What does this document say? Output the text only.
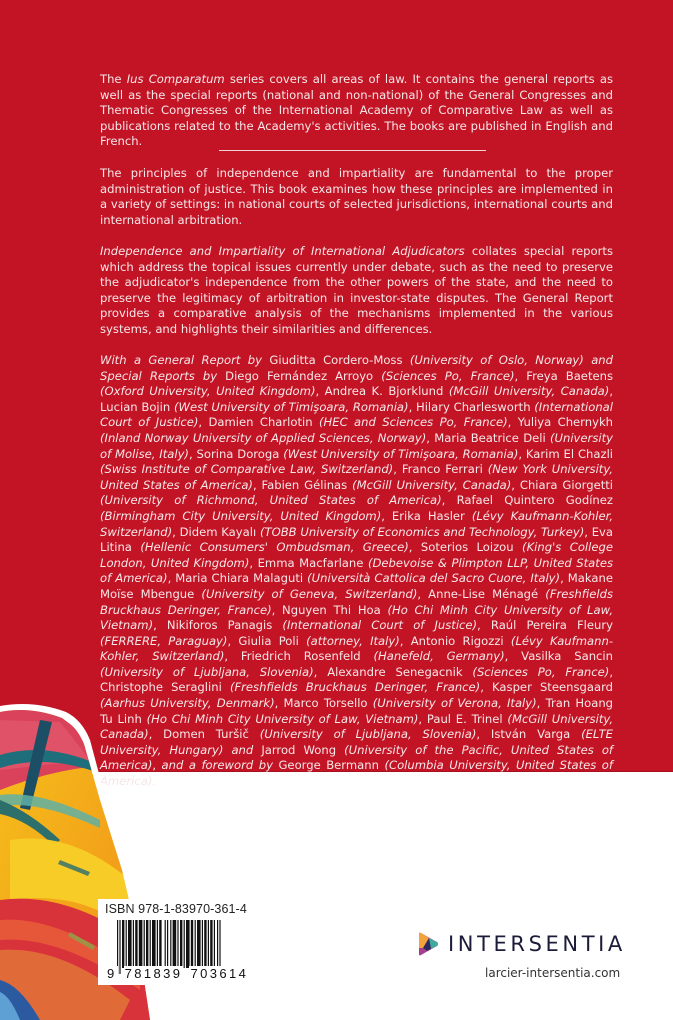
The Ius Comparatum series covers all areas of law. It contains the general reports as well as the special reports (national and non-national) of the General Congresses and Thematic Congresses of the International Academy of Comparative Law as well as publications related to the Academy's activities. The books are published in English and French.

The principles of independence and impartiality are fundamental to the proper administration of justice. This book examines how these principles are implemented in a variety of settings: in national courts of selected jurisdictions, international courts and international arbitration.

Independence and Impartiality of International Adjudicators collates special reports which address the topical issues currently under debate, such as the need to preserve the adjudicator's independence from the other powers of the state, and the need to preserve the legitimacy of arbitration in investor-state disputes. The General Report provides a comparative analysis of the mechanisms implemented in the various systems, and highlights their similarities and differences.

With a General Report by Giuditta Cordero-Moss (University of Oslo, Norway) and Special Reports by Diego Fernández Arroyo (Sciences Po, France), Freya Baetens (Oxford University, United Kingdom), Andrea K. Bjorklund (McGill University, Canada), Lucian Bojin (West University of Timişoara, Romania), Hilary Charlesworth (International Court of Justice), Damien Charlotin (HEC and Sciences Po, France), Yuliya Chernykh (Inland Norway University of Applied Sciences, Norway), Maria Beatrice Deli (University of Molise, Italy), Sorina Doroga (West University of Timişoara, Romania), Karim El Chazli (Swiss Institute of Comparative Law, Switzerland), Franco Ferrari (New York University, United States of America), Fabien Gélinas (McGill University, Canada), Chiara Giorgetti (University of Richmond, United States of America), Rafael Quintero Godínez (Birmingham City University, United Kingdom), Erika Hasler (Lévy Kaufmann-Kohler, Switzerland), Didem Kayalı (TOBB University of Economics and Technology, Turkey), Eva Litina (Hellenic Consumers' Ombudsman, Greece), Soterios Loizou (King's College London, United Kingdom), Emma Macfarlane (Debevoise & Plimpton LLP, United States of America), Maria Chiara Malaguti (Università Cattolica del Sacro Cuore, Italy), Makane Moïse Mbengue (University of Geneva, Switzerland), Anne-Lise Ménagé (Freshfields Bruckhaus Deringer, France), Nguyen Thi Hoa (Ho Chi Minh City University of Law, Vietnam), Nikiforos Panagis (International Court of Justice), Raúl Pereira Fleury (FERRERE, Paraguay), Giulia Poli (attorney, Italy), Antonio Rigozzi (Lévy Kaufmann-Kohler, Switzerland), Friedrich Rosenfeld (Hanefeld, Germany), Vasilka Sancin (University of Ljubljana, Slovenia), Alexandre Senegacnik (Sciences Po, France), Christophe Seraglini (Freshfields Bruckhaus Deringer, France), Kasper Steensgaard (Aarhus University, Denmark), Marco Torsello (University of Verona, Italy), Tran Hoang Tu Linh (Ho Chi Minh City University of Law, Vietnam), Paul E. Trinel (McGill University, Canada), Domen Turšič (University of Ljubljana, Slovenia), István Varga (ELTE University, Hungary) and Jarrod Wong (University of the Pacific, United States of America), and a foreword by George Bermann (Columbia University, United States of America).

ISBN 978-1-83970-361-4
9 781839 703614
INTERSENTIA
larcier-intersentia.com
